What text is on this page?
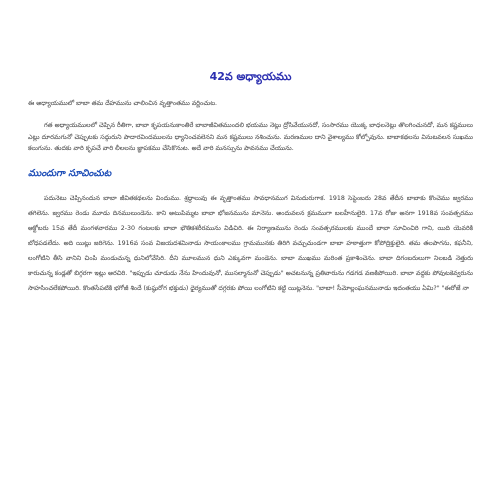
42వ అధ్యాయము

ఈ అధ్యాయములో బాబా తమ దేహమును చాలించిన వృత్తాంతము వర్ణించుట.

గత అధ్యాయములలో చెప్పిన రీతిగా, బాబా కృపయనుకాంతిరే బాబాజీవితముందలి భయము నెట్లు ద్రోసివేయునదో, సంసారము యొక్క బాధలనెట్లు తొలగించునదో, మన కష్టములు ఎట్లు దూరమగునో చెప్పుటకు సద్గురుని పాదారవిందములను ధ్యానించవలెనని మన కష్టములు నశించును. మరణముల దాని వైశాల్యము కోల్పోవును. బాబాకథలను వినుటవలన సుఖము కలుగును. తుదకు వారి కృపచే వారి లీలలను జ్ఞాపకము చేసికొనుట. అదే వారి మనస్సును పావనము చేయును.

ముందుగా సూచించుట

పదునెటు చెప్పినందున బాబా జీవితకథలను విందుము. శ్రద్ధాలువు ఈ వృత్తాంతము సావధానముగ వినుదురుగాక. 1918 సెప్టెంబరు 28వ తేదీన బాబాకు కొంచెము జ్వరము తగిలెను. జ్వరము రెండు మూడు దినములుండెను. కాని అటుపిమ్మట బాబా భోజనమును మానెను. అందువలన క్రమముగా బలహీనులైరి. 17వ రోజు అనగా 1918వ సంవత్సరము అక్టోబరు 15వ తేదీ మంగళవారము 2-30 గంటలకు బాబా భౌతికశరీరమును విడిచిరి. ఈ నిర్యాణమును రెండు సంవత్సరములకు ముందే బాబా సూచించిరి గాని, యిది యెవరికి బోధపడలేదు. అది యిట్లు జరిగెను. 1916వ సంవ విజయదశమినాడు సాయంకాలము గ్రామమునకు తిరిగి వచ్చుచుండగా బాబా హఠాత్తుగా కోపోద్రిక్తులైరి. తమ తలపాగను, కఫనీని, లంగోటిని తీసి వానిని చింపి మండుచున్న ధునిలోవేసిరి. దీని మూలమున ధుని ఎక్కువగా మండెను. బాబా ముఖము మరింత ప్రకాశించెను. బాబా దిగంబరులుగా నిలబడి నెత్తురు కారుచున్న కండ్లతో బిగ్గరగా ఇట్లు అరచిరి. "ఇప్పుడు చూడుడు నేను హిందువునో, ముసల్మానునో చెప్పుడు" అచటనున్న ప్రతివారును గడగడ వణకిపోయిరి. బాబా వద్దకు పోవుటకెవ్వరును సాహసించలేకపోయిరి. కొంతసేపటికి భగోజీ శిందే (కుష్ఠురోగ భక్తుడు) ధైర్యముతో దగ్గరకు పోయి లంగోటిని కట్టి యిట్లనెను. "బాబా! సీమోల్లంఘనమునాడు ఇదంతయు ఏమి?" "ఈరోజే నా
